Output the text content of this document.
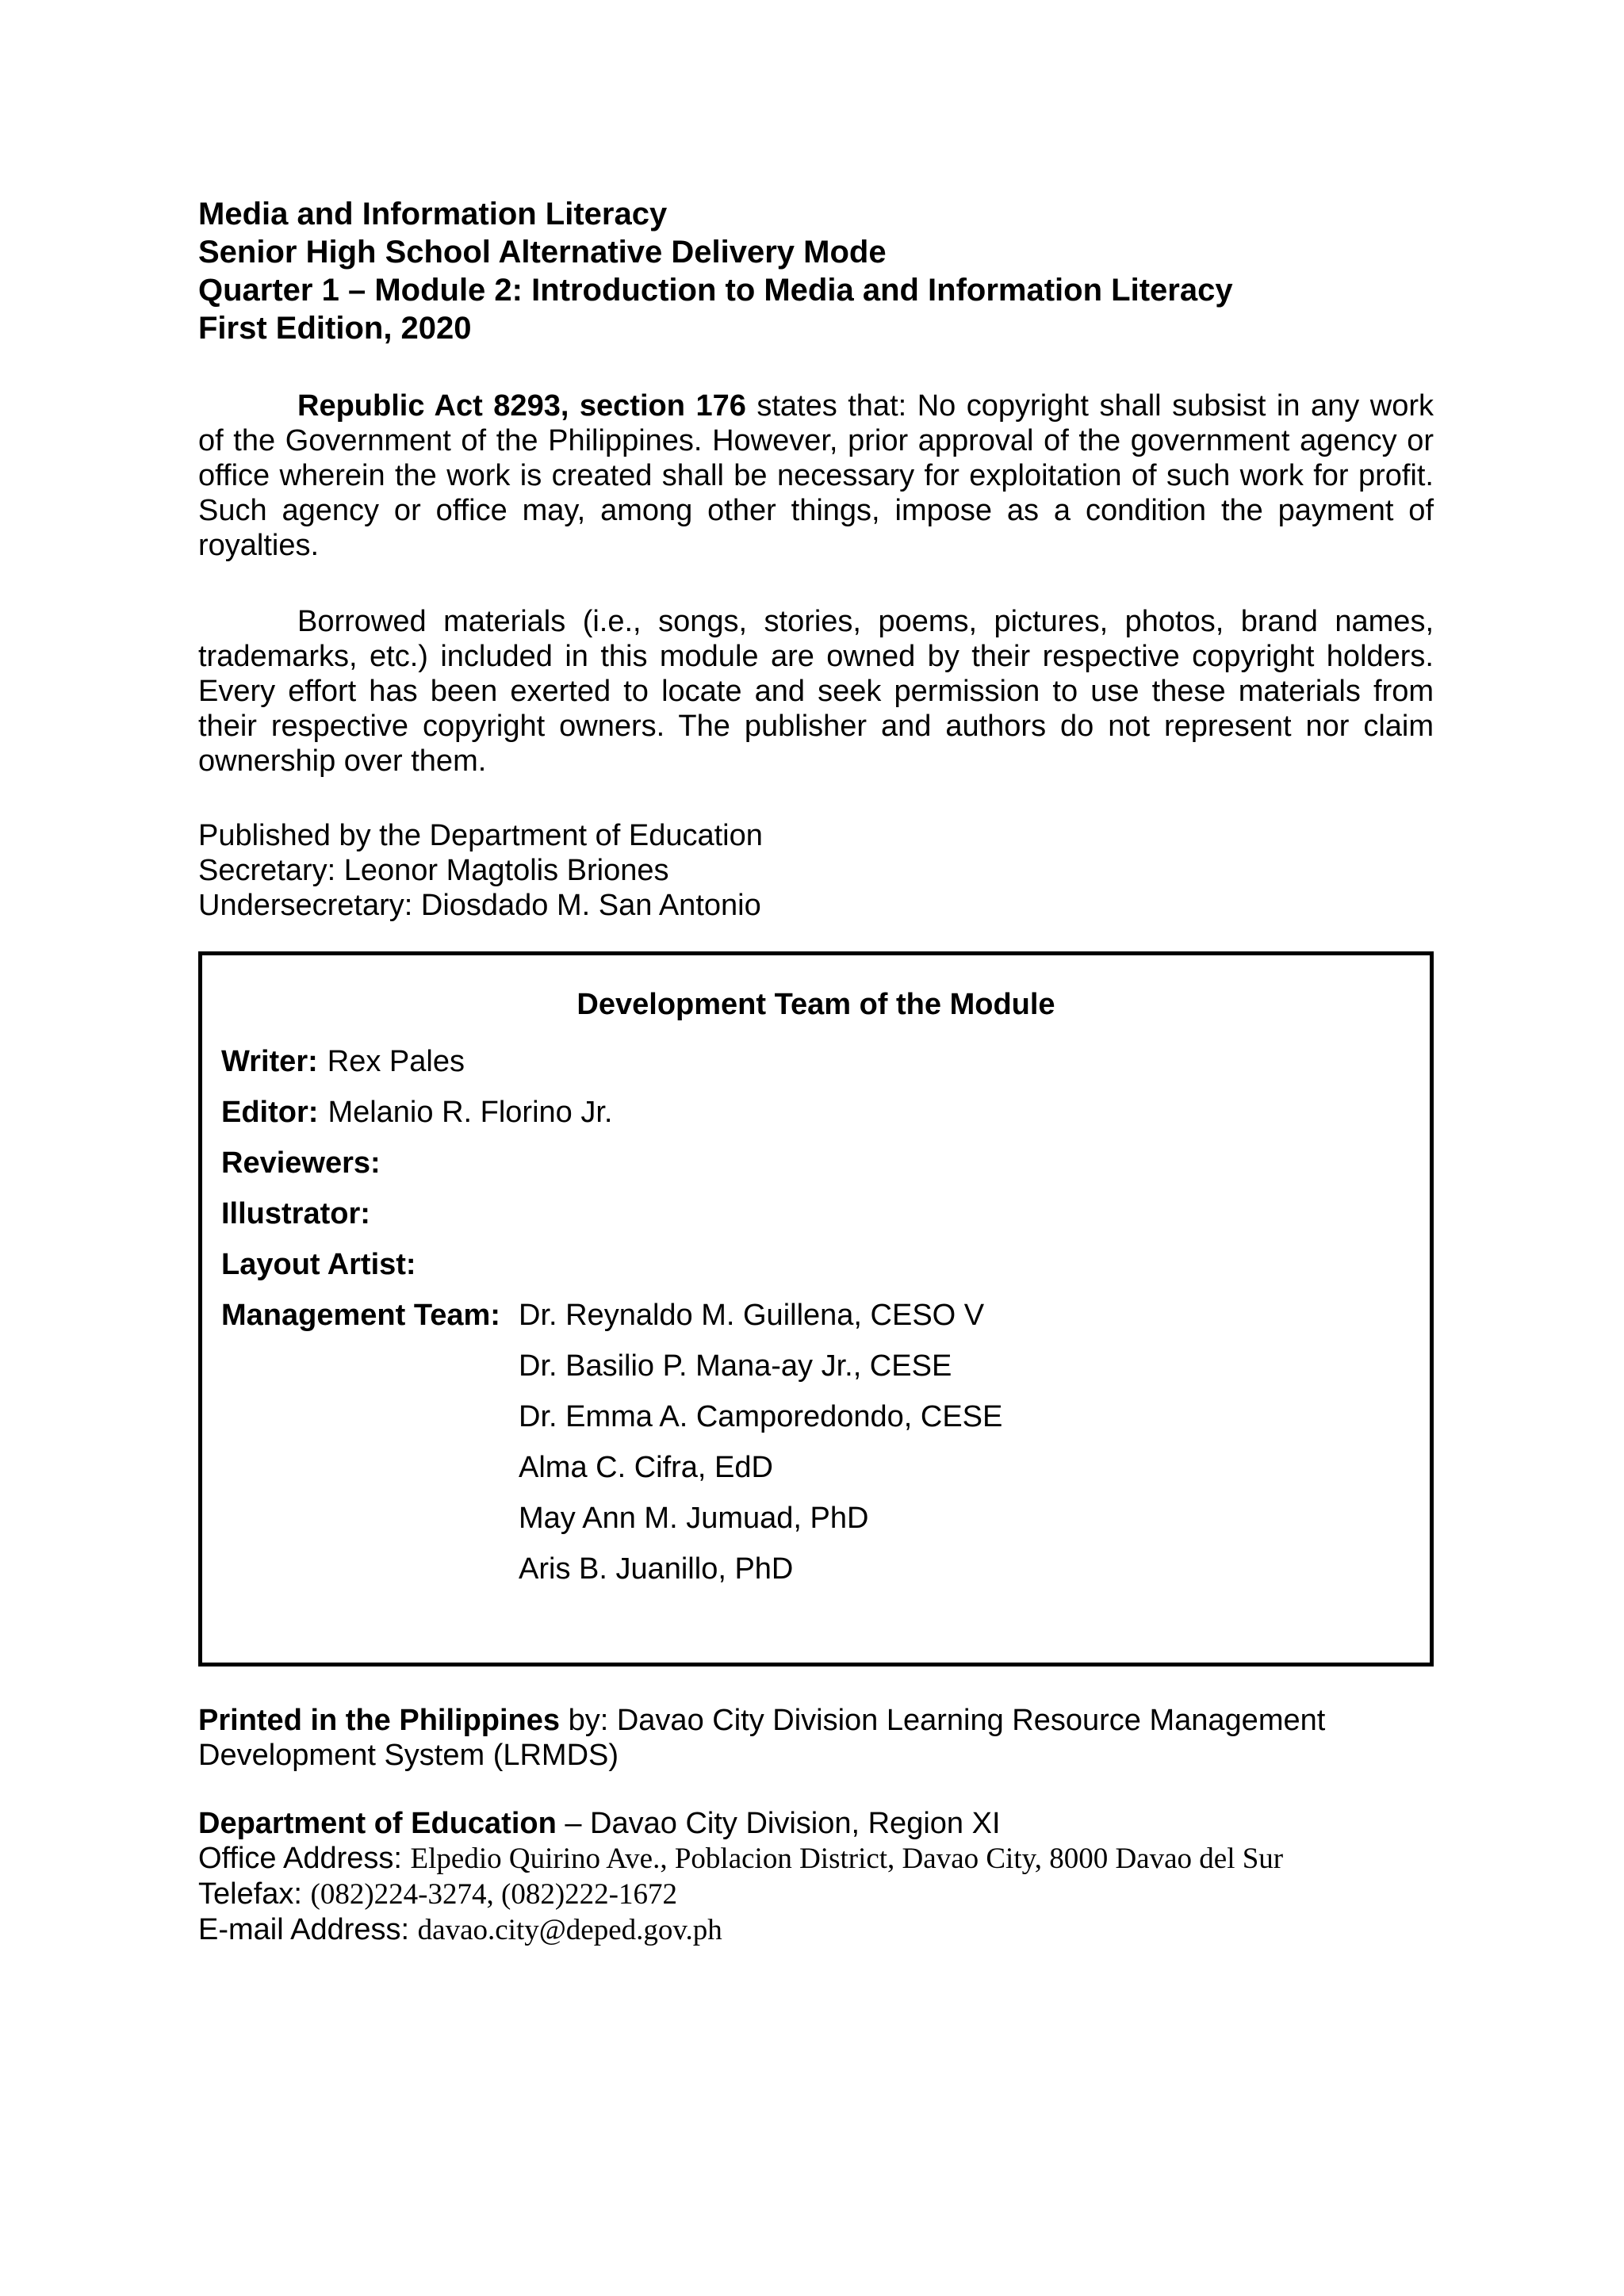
Media and Information Literacy
Senior High School Alternative Delivery Mode
Quarter 1 – Module 2: Introduction to Media and Information Literacy
First Edition, 2020

Republic Act 8293, section 176 states that: No copyright shall subsist in any work of the Government of the Philippines. However, prior approval of the government agency or office wherein the work is created shall be necessary for exploitation of such work for profit. Such agency or office may, among other things, impose as a condition the payment of royalties.

Borrowed materials (i.e., songs, stories, poems, pictures, photos, brand names, trademarks, etc.) included in this module are owned by their respective copyright holders. Every effort has been exerted to locate and seek permission to use these materials from their respective copyright owners. The publisher and authors do not represent nor claim ownership over them.

Published by the Department of Education
Secretary: Leonor Magtolis Briones
Undersecretary: Diosdado M. San Antonio
Development Team of the Module
Writer: Rex Pales
Editor: Melanio R. Florino Jr.
Reviewers:
Illustrator:
Layout Artist:
Management Team: Dr. Reynaldo M. Guillena, CESO V
Dr. Basilio P. Mana-ay Jr., CESE
Dr. Emma A. Camporedondo, CESE
Alma C. Cifra, EdD
May Ann M. Jumuad, PhD
Aris B. Juanillo, PhD

Printed in the Philippines by: Davao City Division Learning Resource Management Development System (LRMDS)

Department of Education – Davao City Division, Region XI
Office Address: Elpedio Quirino Ave., Poblacion District, Davao City, 8000 Davao del Sur
Telefax: (082)224-3274, (082)222-1672
E-mail Address: davao.city@deped.gov.ph
